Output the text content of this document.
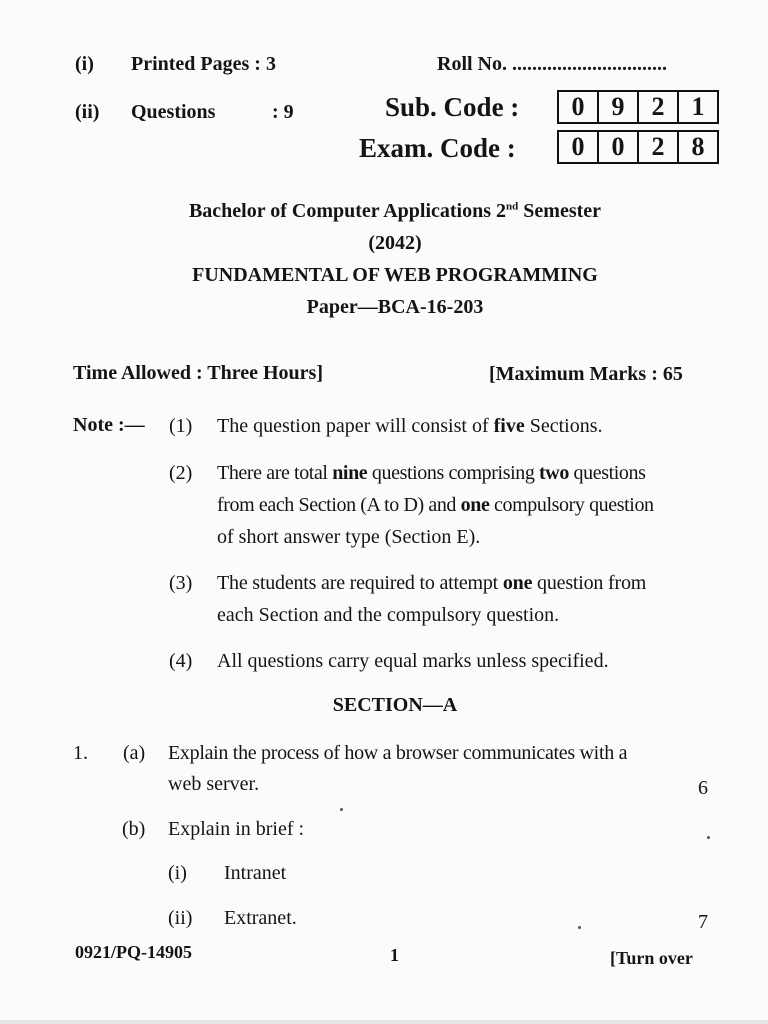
(i) Printed Pages : 3	Roll No. ...............................
(ii) Questions	: 9	Sub. Code :	0	9	2	1
Exam. Code :	0	0	2	8
Bachelor of Computer Applications 2nd Semester
(2042)
FUNDAMENTAL OF WEB PROGRAMMING
Paper—BCA-16-203
Time Allowed : Three Hours]	[Maximum Marks : 65
Note :— (1) The question paper will consist of five Sections.
(2) There are total nine questions comprising two questions
from each Section (A to D) and one compulsory question
of short answer type (Section E).
(3) The students are required to attempt one question from
each Section and the compulsory question.
(4) All questions carry equal marks unless specified.
SECTION—A
1. (a) Explain the process of how a browser communicates with a
web server.	6
(b) Explain in brief :
(i) Intranet
(ii) Extranet.	7
0921/PQ-14905	1	[Turn over
